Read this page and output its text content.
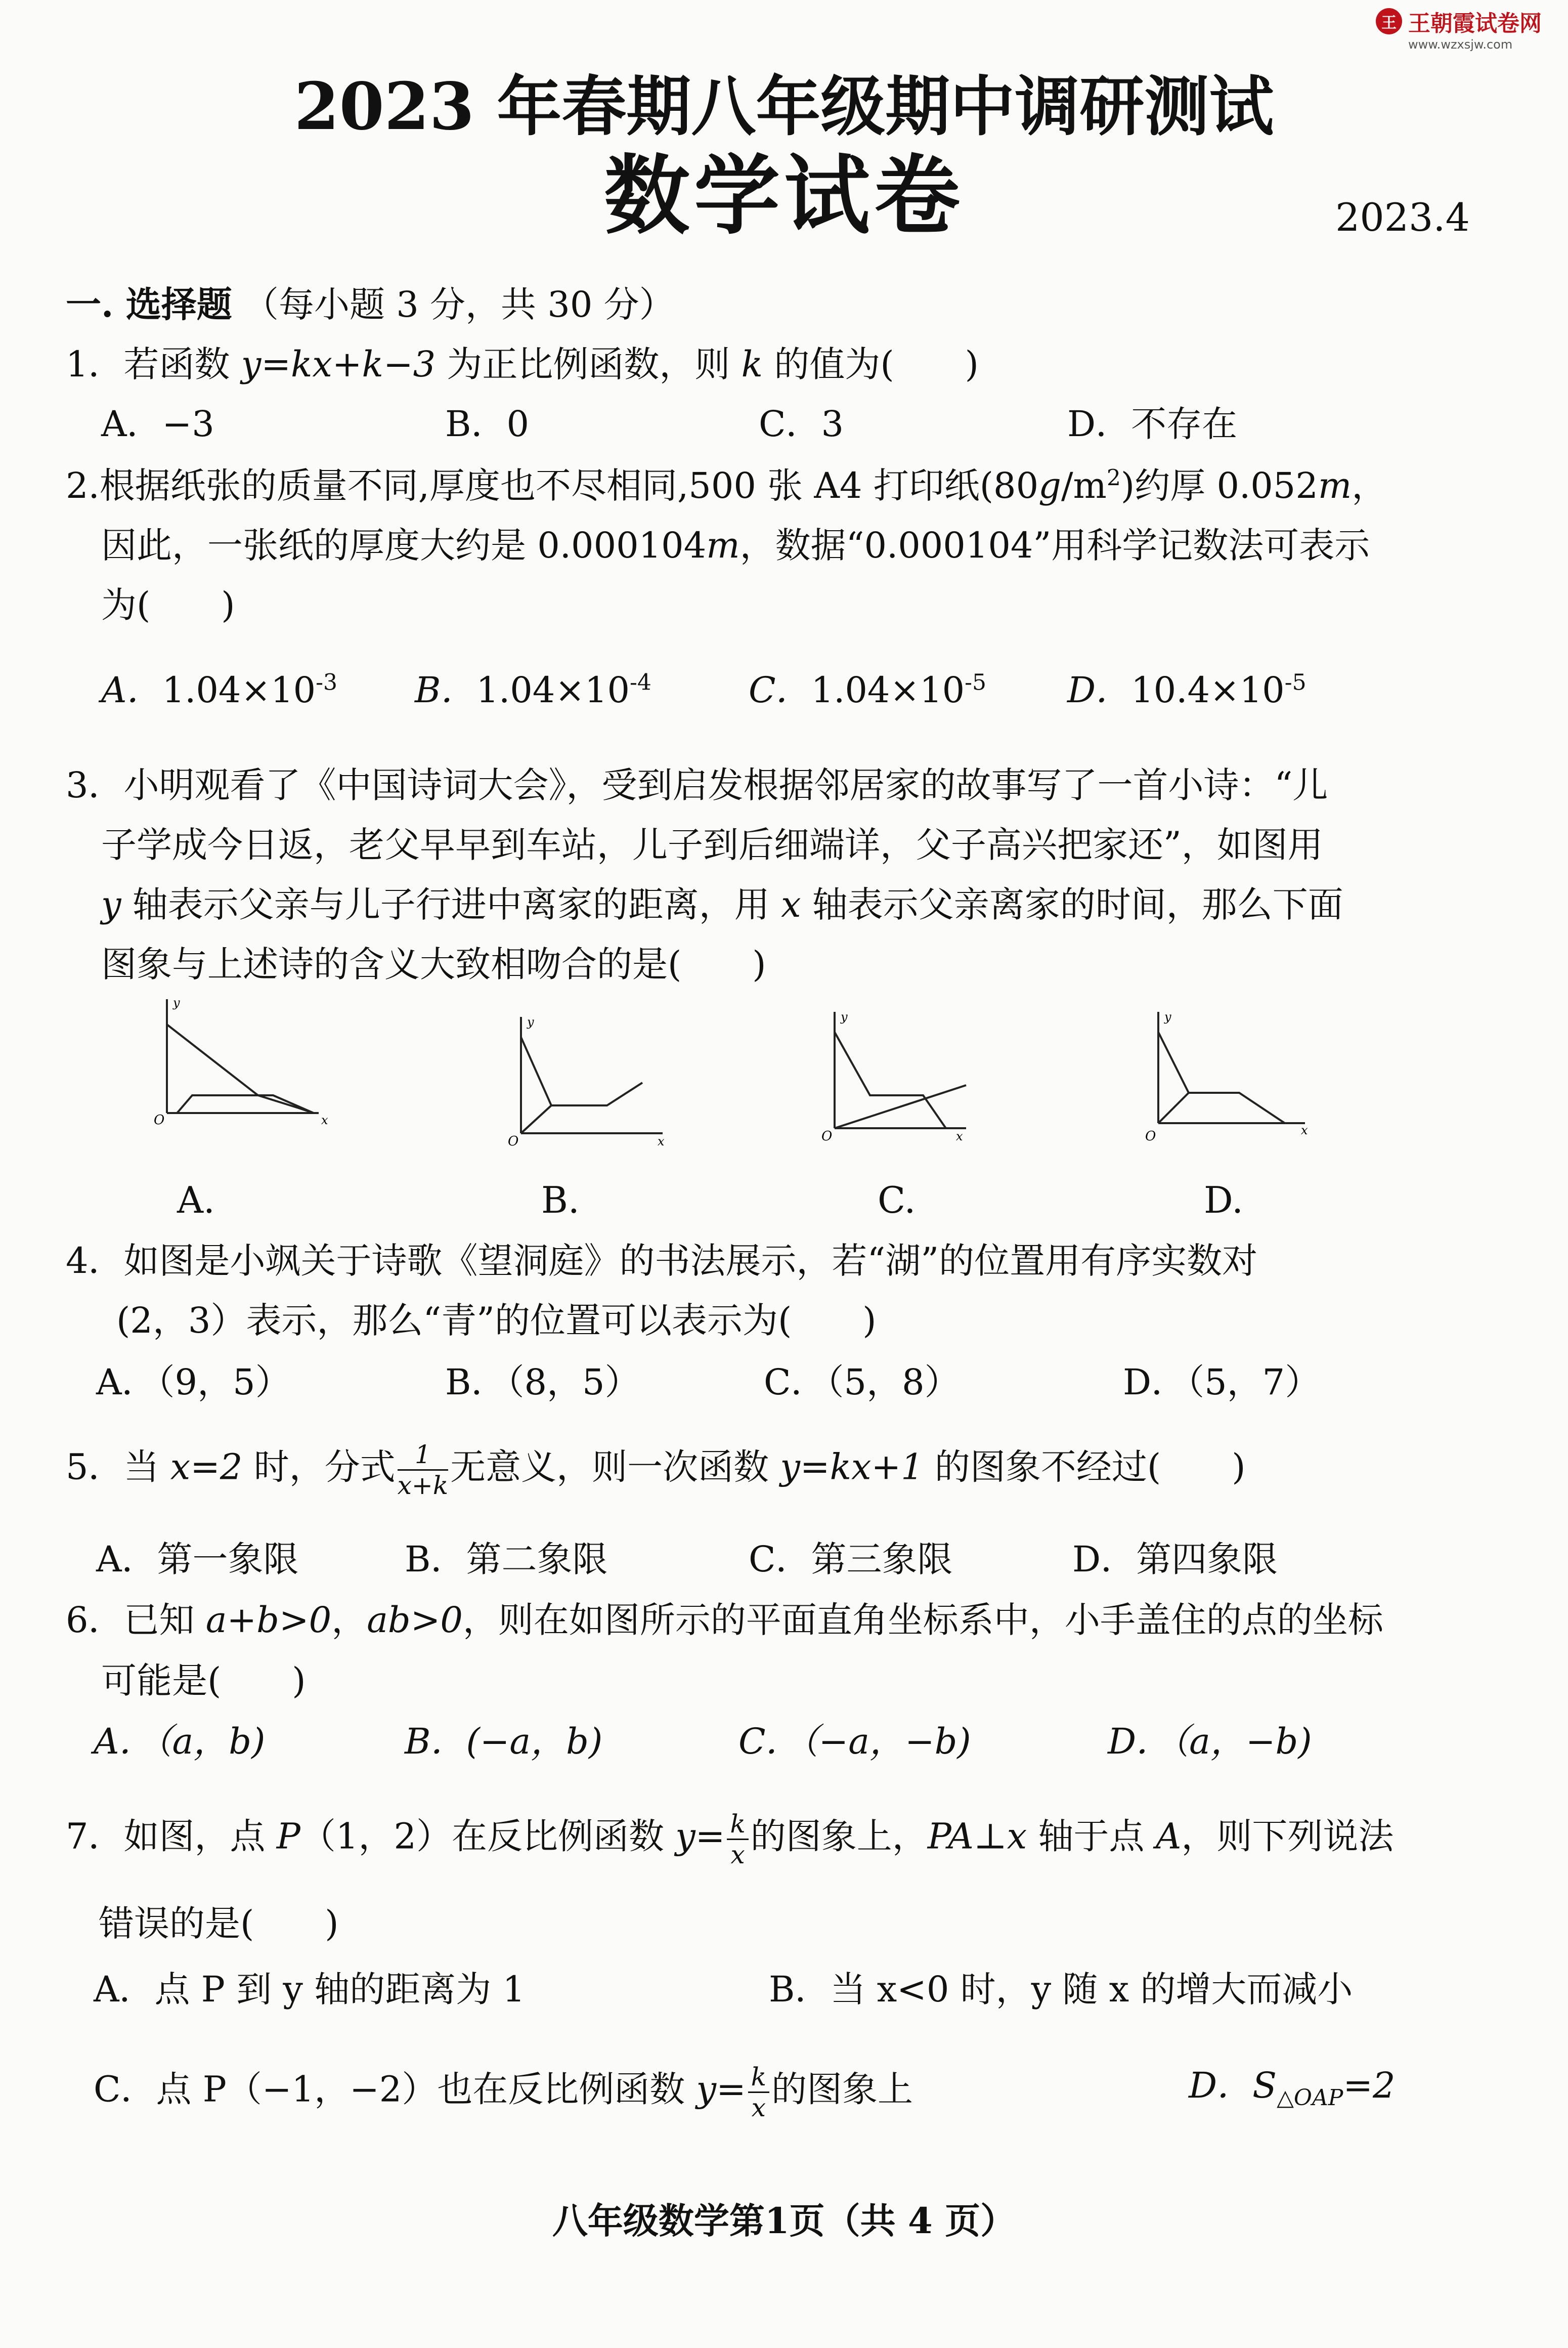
王 王朝霞试卷网
www.wzxsjw.com
2023 年春期八年级期中调研测试
数学试卷	2023.4
一. 选择题 （每小题 3 分，共 30 分）
1．若函数 y=kx+k−3 为正比例函数，则 k 的值为(　　)
A．−3	B．0	C．3	D．不存在
2.根据纸张的质量不同,厚度也不尽相同,500 张 A4 打印纸$(80g/m^2)$约厚 0.052m，
因此，一张纸的厚度大约是 0.000104m，数据“0.000104”用科学记数法可表示
为(　　)
A．$1.04\times 10^{-3}$ B．$1.04\times 10^{-4}$	C．$1.04\times 10^{-5}$ D．$10.4\times 10^{-5}$
3．小明观看了《中国诗词大会》，受到启发根据邻居家的故事写了一首小诗：“儿
子学成今日返，老父早早到车站，儿子到后细端详，父子高兴把家还”，如图用
y 轴表示父亲与儿子行进中离家的距离，用 x 轴表示父亲离家的时间，那么下面
图象与上述诗的含义大致相吻合的是(　　)
y
x
O
y
x
O
y
x
O
y
x
O
A.	B.	C.	D.
4．如图是小飒关于诗歌《望洞庭》的书法展示，若“湖”的位置用有序实数对
(2，3）表示，那么“青”的位置可以表示为(　　)
A．（9，5）	B．（8，5）	C．（5，8）	D．（5，7）
5．当 x=2 时，分式 $\frac{1}{x+k}$ 无意义，则一次函数 y=kx+1 的图象不经过(　　)
A．第一象限	B．第二象限	C．第三象限	D．第四象限
6．已知 a+b>0，ab>0，则在如图所示的平面直角坐标系中，小手盖住的点的坐标
可能是(　　)
A．（a，b)	B．(−a，b)	C．（−a，−b)	D．（a，−b)
7．如图，点 P（1，2）在反比例函数 $y= \frac{k}{x}$ 的图象上，PA⊥x 轴于点 A，则下列说法
错误的是(　　)
A．点 P 到 y 轴的距离为 1	B．当 x<0 时，y 随 x 的增大而减小
C．点 P（−1，−2）也在反比例函数 $y= \frac{k}{x}$ 的图象上	D．$S_{\triangle OAP}=2$
八年级数学第1页（共 4 页）
